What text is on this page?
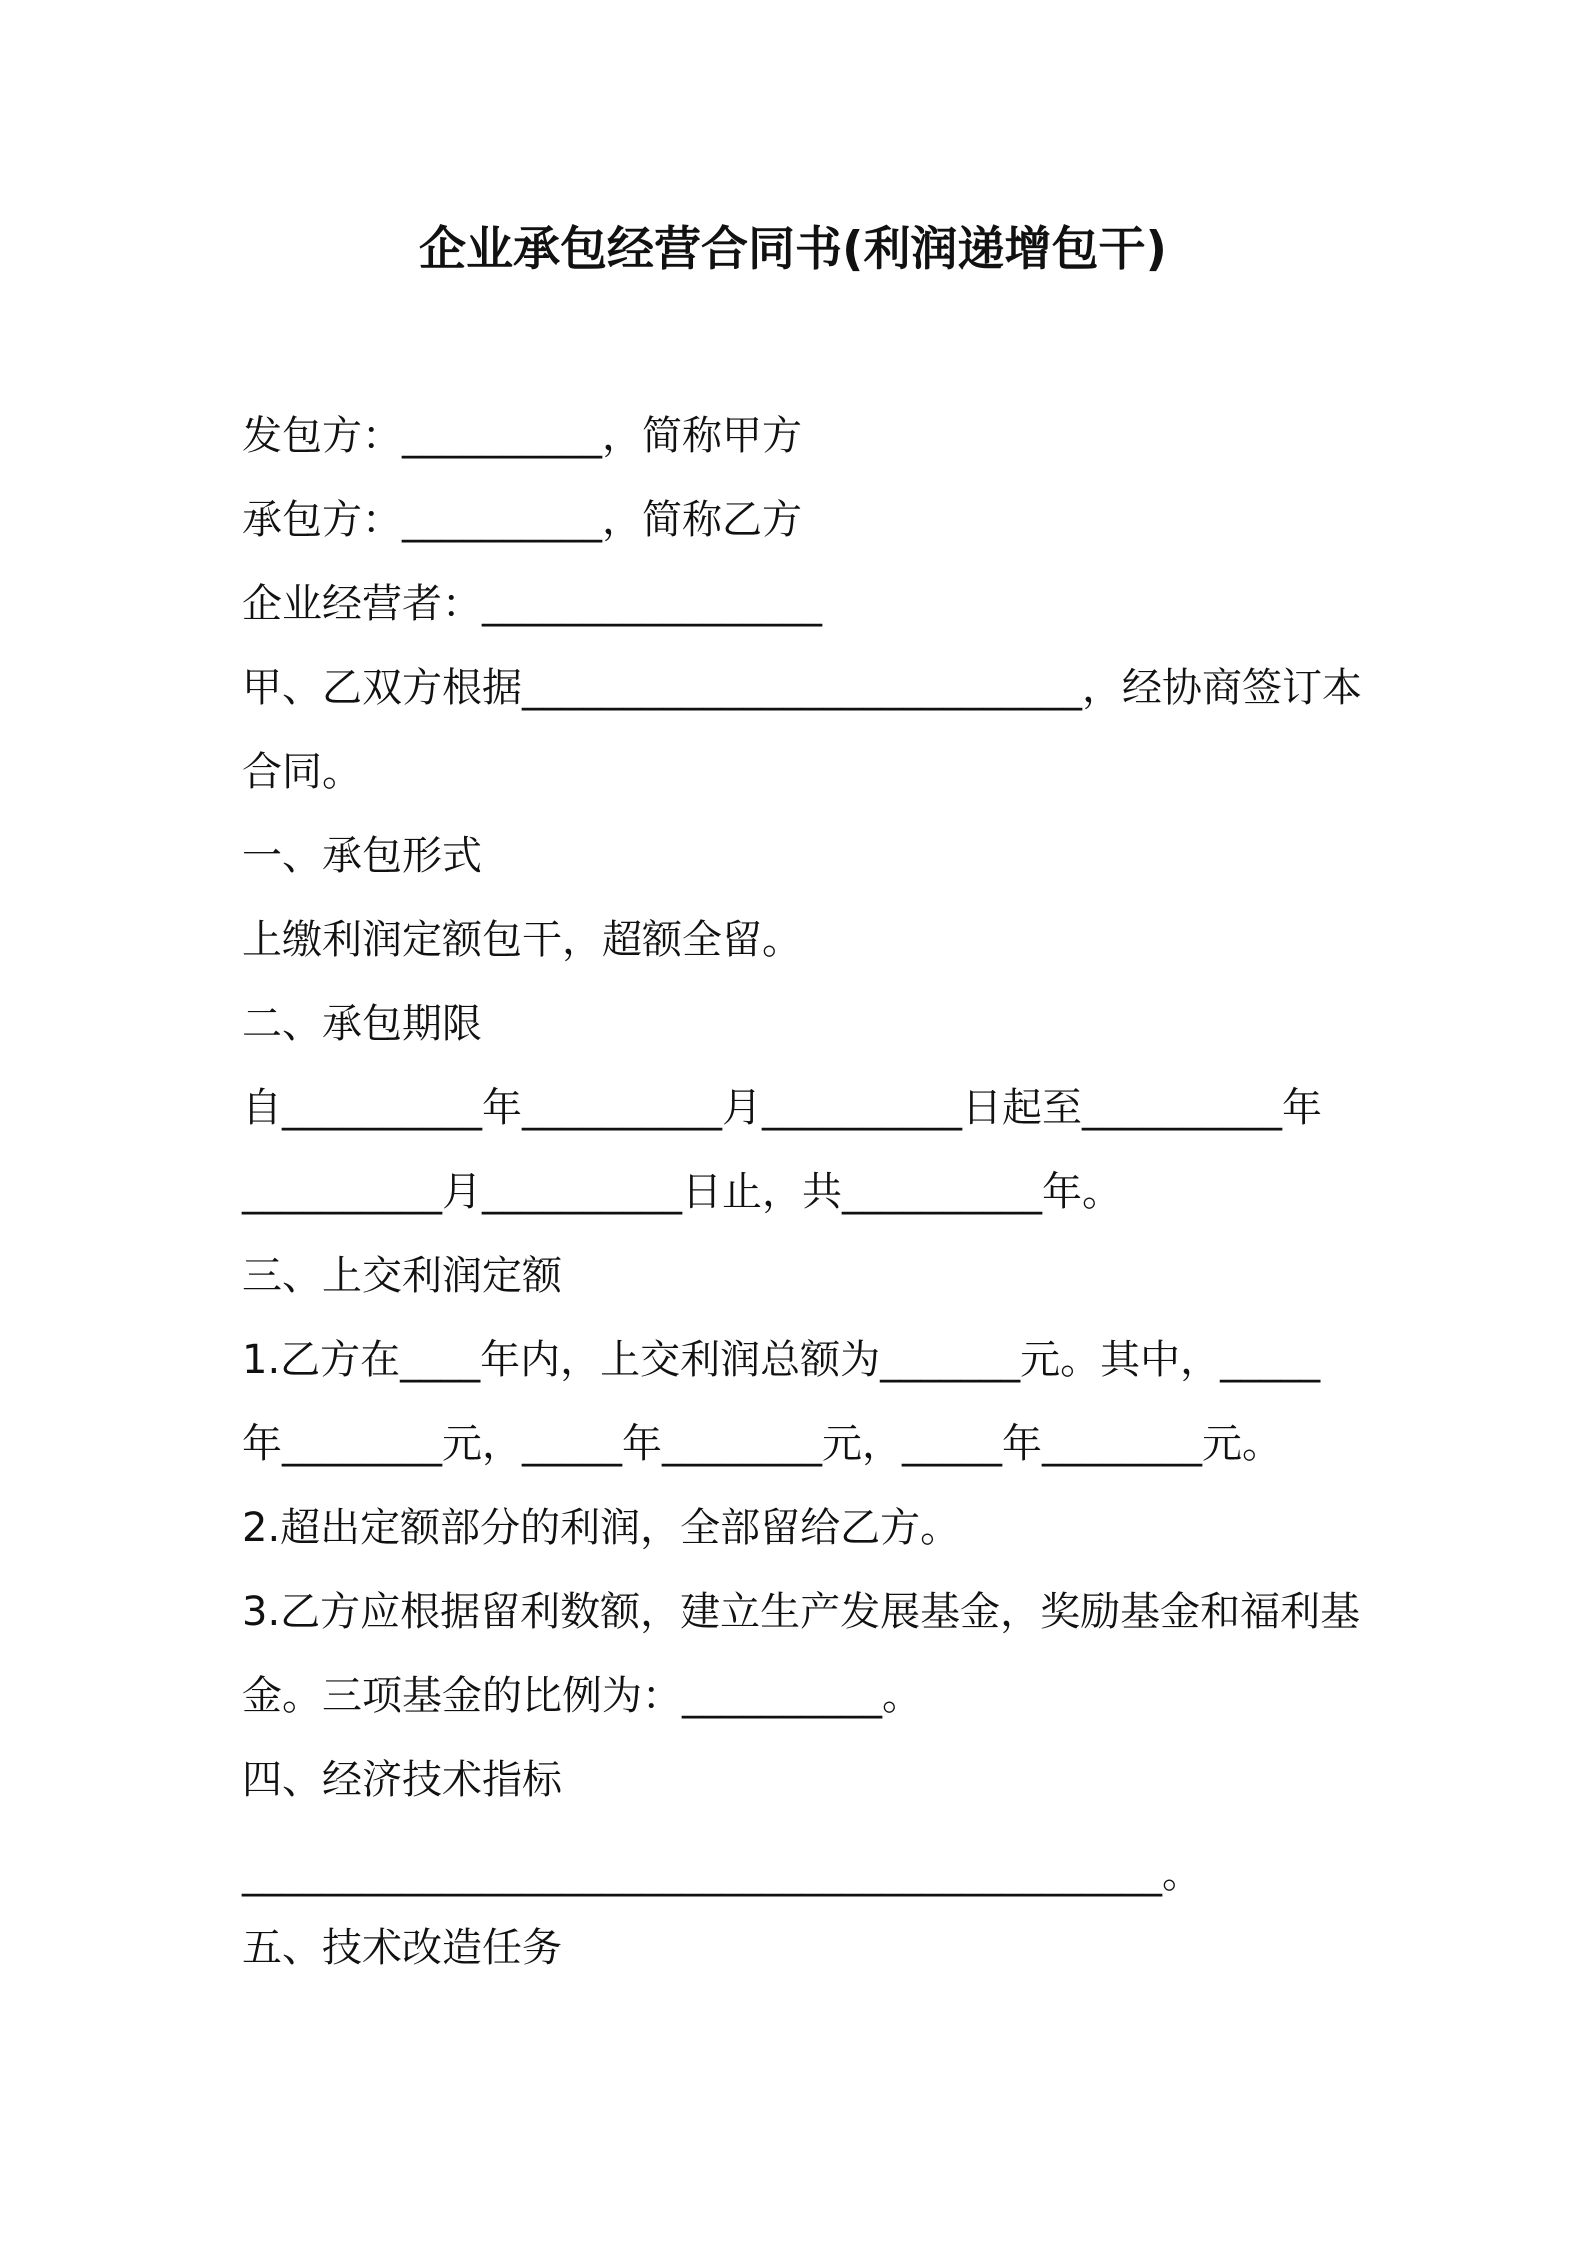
企业承包经营合同书(利润递增包干)
发包方：__________，简称甲方
承包方：__________，简称乙方
企业经营者：_________________
甲、乙双方根据____________________________，经协商签订本
合同。
一、承包形式
上缴利润定额包干，超额全留。
二、承包期限
自__________年__________月__________日起至__________年
__________月__________日止，共__________年。
三、上交利润定额
1.乙方在____年内，上交利润总额为_______元。其中，_____
年________元，_____年________元，_____年________元。
2.超出定额部分的利润，全部留给乙方。
3.乙方应根据留利数额，建立生产发展基金，奖励基金和福利基
金。三项基金的比例为：__________。
四、经济技术指标
______________________________________________。
五、技术改造任务
